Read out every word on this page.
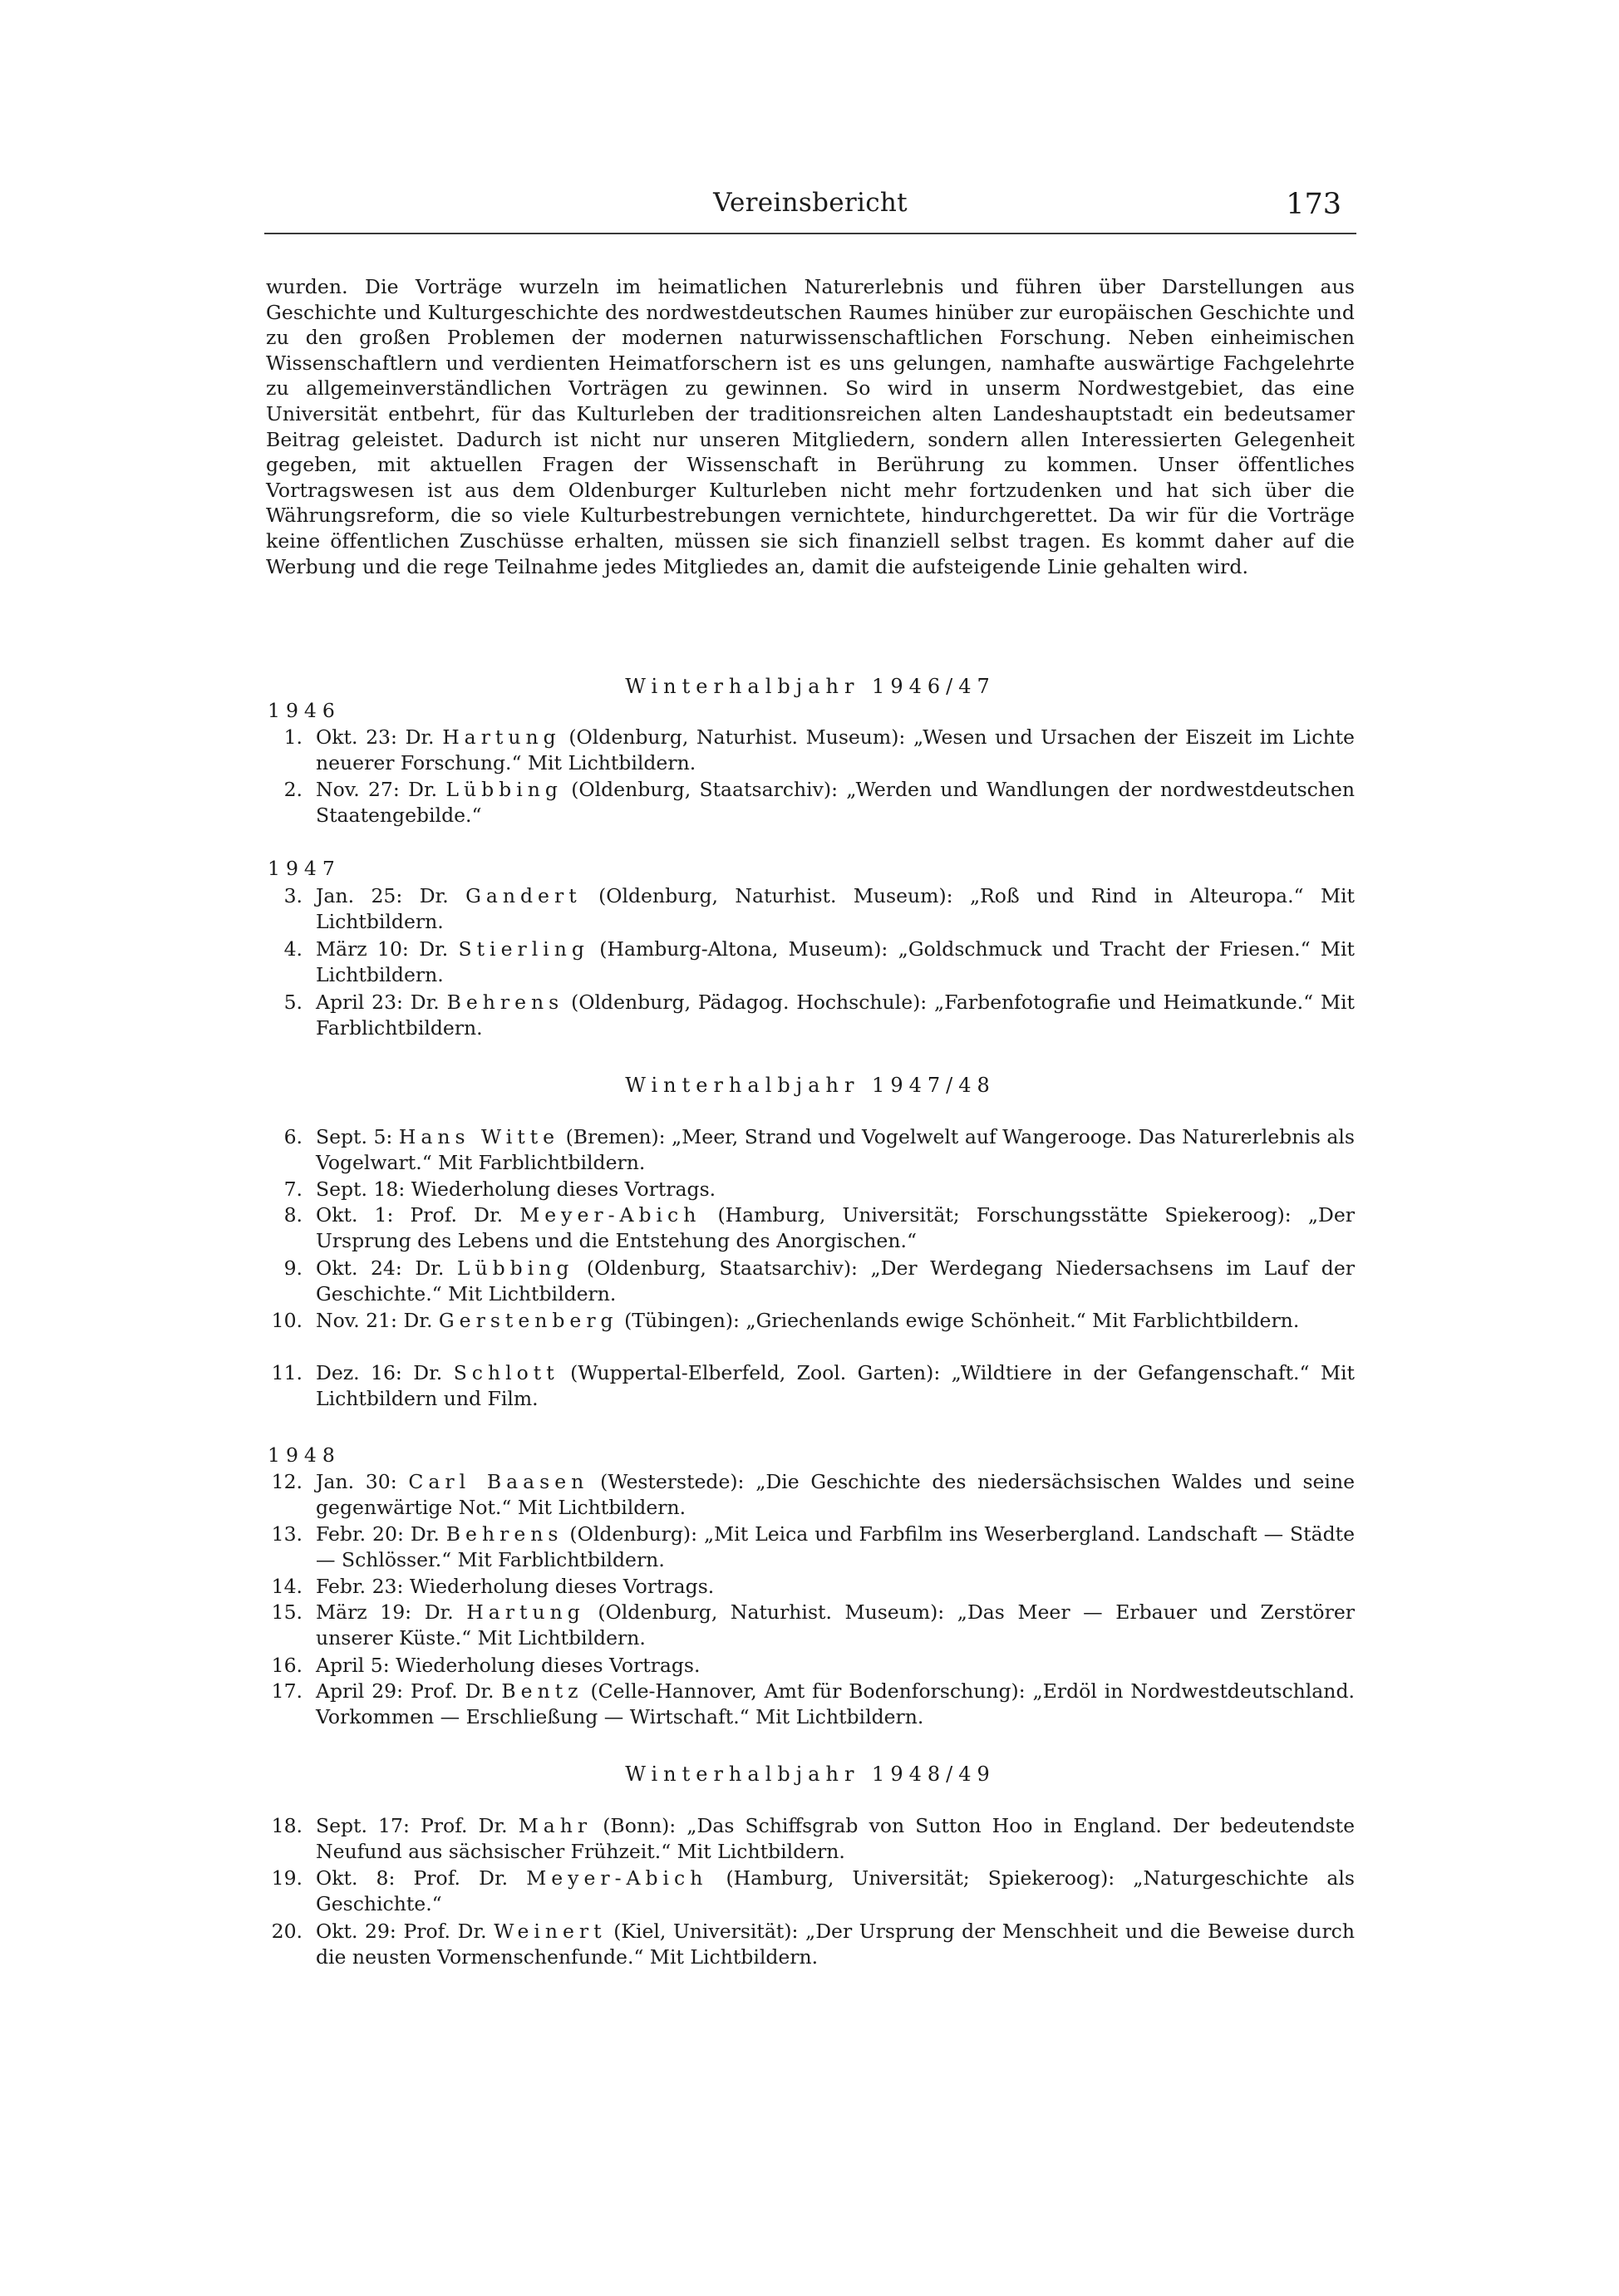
Vereinsbericht	173
wurden. Die Vorträge wurzeln im heimatlichen Naturerlebnis und führen über Darstellungen aus Geschichte und Kulturgeschichte des nordwestdeutschen Raumes hinüber zur europäischen Geschichte und zu den großen Problemen der modernen naturwissenschaftlichen Forschung. Neben einheimischen Wissenschaftlern und verdienten Heimatforschern ist es uns gelungen, namhafte auswärtige Fachgelehrte zu allgemeinverständlichen Vorträgen zu gewinnen. So wird in unserm Nordwestgebiet, das eine Universität entbehrt, für das Kulturleben der traditionsreichen alten Landeshauptstadt ein bedeutsamer Beitrag geleistet. Dadurch ist nicht nur unseren Mitgliedern, sondern allen Interessierten Gelegenheit gegeben, mit aktuellen Fragen der Wissenschaft in Berührung zu kommen. Unser öffentliches Vortragswesen ist aus dem Oldenburger Kulturleben nicht mehr fortzudenken und hat sich über die Währungsreform, die so viele Kulturbestrebungen vernichtete, hindurchgerettet. Da wir für die Vorträge keine öffentlichen Zuschüsse erhalten, müssen sie sich finanziell selbst tragen. Es kommt daher auf die Werbung und die rege Teilnahme jedes Mitgliedes an, damit die aufsteigende Linie gehalten wird.
Winterhalbjahr 1946/47
1946
1. Okt. 23: Dr. Hartung (Oldenburg, Naturhist. Museum): „Wesen und Ursachen der Eiszeit im Lichte neuerer Forschung.“ Mit Lichtbildern.
2. Nov. 27: Dr. Lübbing (Oldenburg, Staatsarchiv): „Werden und Wandlungen der nordwestdeutschen Staatengebilde.“
1947
3. Jan. 25: Dr. Gandert (Oldenburg, Naturhist. Museum): „Roß und Rind in Alteuropa.“ Mit Lichtbildern.
4. März 10: Dr. Stierling (Hamburg-Altona, Museum): „Goldschmuck und Tracht der Friesen.“ Mit Lichtbildern.
5. April 23: Dr. Behrens (Oldenburg, Pädagog. Hochschule): „Farbenfotografie und Heimatkunde.“ Mit Farblichtbildern.
Winterhalbjahr 1947/48
6. Sept. 5: Hans Witte (Bremen): „Meer, Strand und Vogelwelt auf Wangerooge. Das Naturerlebnis als Vogelwart.“ Mit Farblichtbildern.
7. Sept. 18: Wiederholung dieses Vortrags.
8. Okt. 1: Prof. Dr. Meyer-Abich (Hamburg, Universität; Forschungsstätte Spiekeroog): „Der Ursprung des Lebens und die Entstehung des Anorgischen.“
9. Okt. 24: Dr. Lübbing (Oldenburg, Staatsarchiv): „Der Werdegang Niedersachsens im Lauf der Geschichte.“ Mit Lichtbildern.
10. Nov. 21: Dr. Gerstenberg (Tübingen): „Griechenlands ewige Schönheit.“ Mit Farblichtbildern.
11. Dez. 16: Dr. Schlott (Wuppertal-Elberfeld, Zool. Garten): „Wildtiere in der Gefangenschaft.“ Mit Lichtbildern und Film.
1948
12. Jan. 30: Carl Baasen (Westerstede): „Die Geschichte des niedersächsischen Waldes und seine gegenwärtige Not.“ Mit Lichtbildern.
13. Febr. 20: Dr. Behrens (Oldenburg): „Mit Leica und Farbfilm ins Weserbergland. Landschaft — Städte — Schlösser.“ Mit Farblichtbildern.
14. Febr. 23: Wiederholung dieses Vortrags.
15. März 19: Dr. Hartung (Oldenburg, Naturhist. Museum): „Das Meer — Erbauer und Zerstörer unserer Küste.“ Mit Lichtbildern.
16. April 5: Wiederholung dieses Vortrags.
17. April 29: Prof. Dr. Bentz (Celle-Hannover, Amt für Bodenforschung): „Erdöl in Nordwestdeutschland. Vorkommen — Erschließung — Wirtschaft.“ Mit Lichtbildern.
Winterhalbjahr 1948/49
18. Sept. 17: Prof. Dr. Mahr (Bonn): „Das Schiffsgrab von Sutton Hoo in England. Der bedeutendste Neufund aus sächsischer Frühzeit.“ Mit Lichtbildern.
19. Okt. 8: Prof. Dr. Meyer-Abich (Hamburg, Universität; Spiekeroog): „Naturgeschichte als Geschichte.“
20. Okt. 29: Prof. Dr. Weinert (Kiel, Universität): „Der Ursprung der Menschheit und die Beweise durch die neusten Vormenschenfunde.“ Mit Lichtbildern.
